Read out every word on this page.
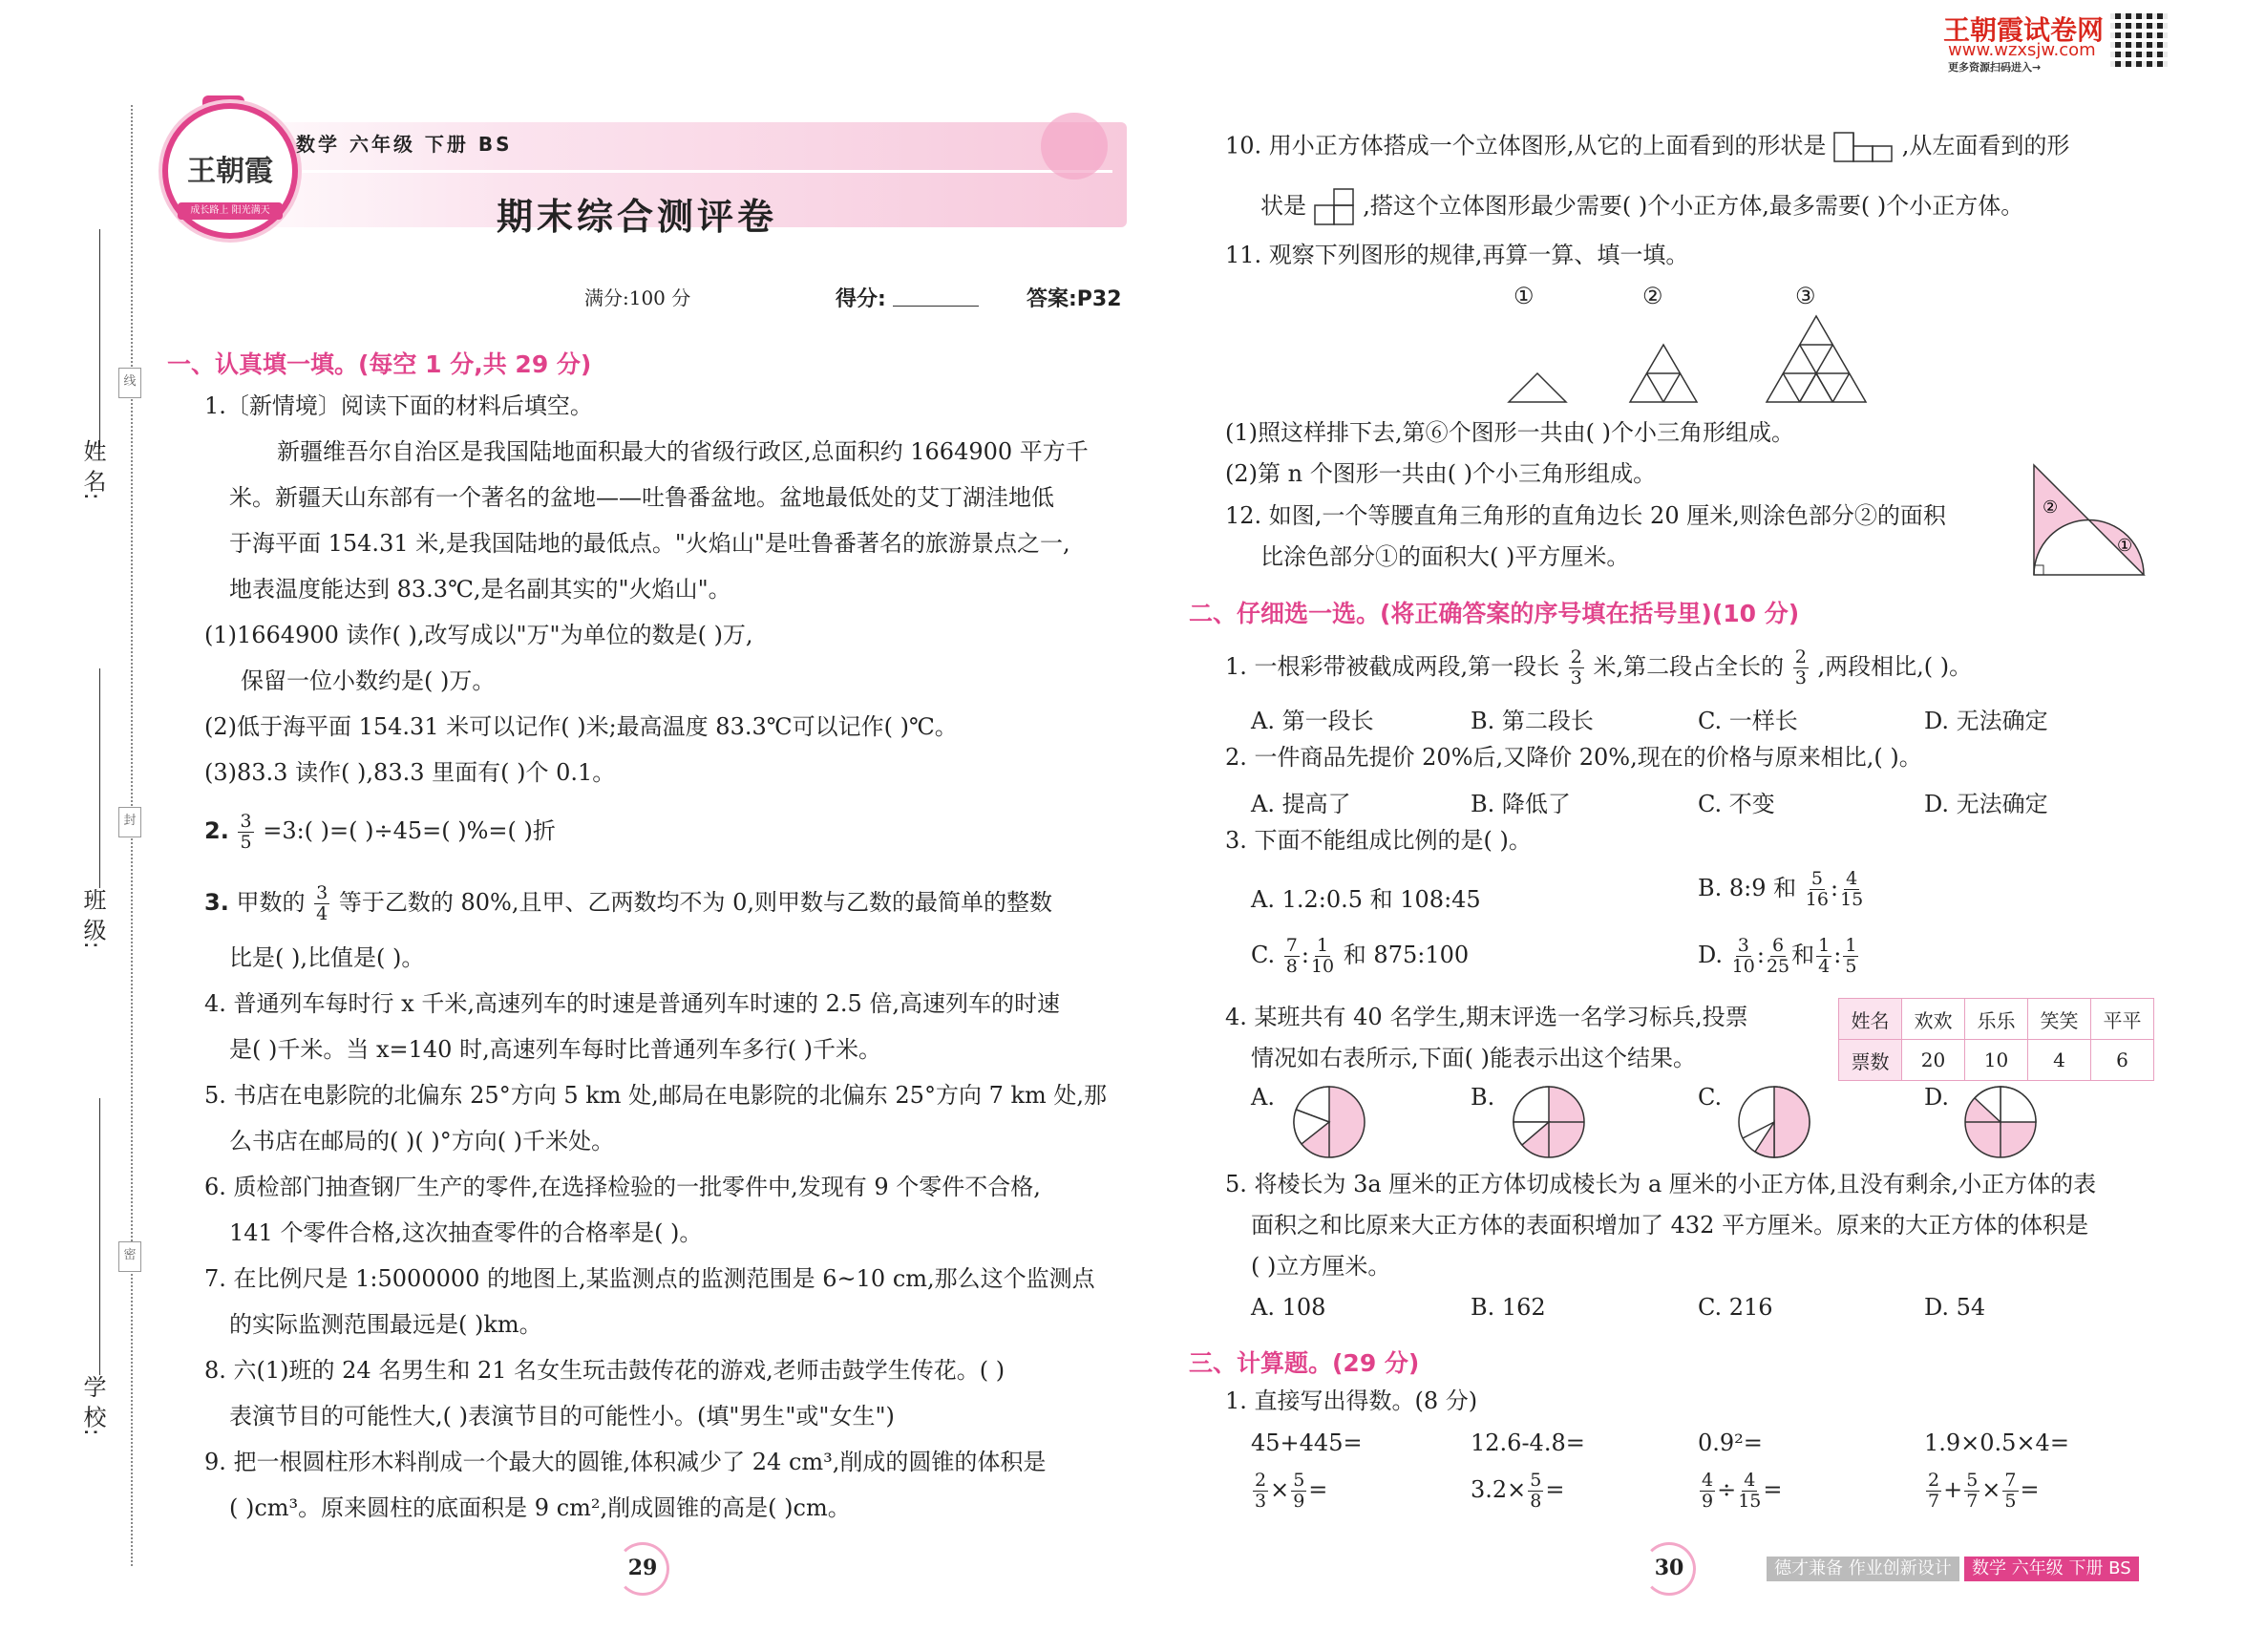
王朝霞试卷网
www.wzxsjw.com
更多资源扫码进入→
姓 名:
班 级:
学 校:
线
封
密
王朝霞
成长路上 阳光满天
数学 六年级 下册 BS
期末综合测评卷
满分:100 分	得分:	答案:P32
一、认真填一填。(每空 1 分,共 29 分)
1.〔新情境〕阅读下面的材料后填空。
新疆维吾尔自治区是我国陆地面积最大的省级行政区,总面积约 1664900 平方千
米。新疆天山东部有一个著名的盆地——吐鲁番盆地。盆地最低处的艾丁湖洼地低
于海平面 154.31 米,是我国陆地的最低点。"火焰山"是吐鲁番著名的旅游景点之一,
地表温度能达到 83.3℃,是名副其实的"火焰山"。
(1)1664900 读作( ),改写成以"万"为单位的数是( )万,
保留一位小数约是( )万。
(2)低于海平面 154.31 米可以记作( )米;最高温度 83.3℃可以记作( )℃。
(3)83.3 读作( ),83.3 里面有( )个 0.1。
2. $\frac{3}{5}$ =3:( )=( )÷45=( )%=( )折
3. 甲数的 $\frac{3}{4}$ 等于乙数的 80%,且甲、乙两数均不为 0,则甲数与乙数的最简单的整数
比是( ),比值是( )。
4. 普通列车每时行 x 千米,高速列车的时速是普通列车时速的 2.5 倍,高速列车的时速
是( )千米。当 x=140 时,高速列车每时比普通列车多行( )千米。
5. 书店在电影院的北偏东 25°方向 5 km 处,邮局在电影院的北偏东 25°方向 7 km 处,那
么书店在邮局的( )( )°方向( )千米处。
6. 质检部门抽查钢厂生产的零件,在选择检验的一批零件中,发现有 9 个零件不合格,
141 个零件合格,这次抽查零件的合格率是( )。
7. 在比例尺是 1:5000000 的地图上,某监测点的监测范围是 6~10 cm,那么这个监测点
的实际监测范围最远是( )km。
8. 六(1)班的 24 名男生和 21 名女生玩击鼓传花的游戏,老师击鼓学生传花。( )
表演节目的可能性大,( )表演节目的可能性小。(填"男生"或"女生")
9. 把一根圆柱形木料削成一个最大的圆锥,体积减少了 24 cm³,削成的圆锥的体积是
( )cm³。原来圆柱的底面积是 9 cm²,削成圆锥的高是( )cm。
29
10. 用小正方体搭成一个立体图形,从它的上面看到的形状是	,从左面看到的形
状是 ,搭这个立体图形最少需要( )个小正方体,最多需要( )个小正方体。
11. 观察下列图形的规律,再算一算、填一填。
①	②	③
(1)照这样排下去,第⑥个图形一共由( )个小三角形组成。
(2)第 n 个图形一共由( )个小三角形组成。
12. 如图,一个等腰直角三角形的直角边长 20 厘米,则涂色部分②的面积
比涂色部分①的面积大( )平方厘米。
②
①
二、仔细选一选。(将正确答案的序号填在括号里)(10 分)
1. 一根彩带被截成两段,第一段长 $\frac{2}{3}$ 米,第二段占全长的 $\frac{2}{3}$ ,两段相比,( )。
A. 第一段长	B. 第二段长	C. 一样长	D. 无法确定
2. 一件商品先提价 20%后,又降价 20%,现在的价格与原来相比,( )。
A. 提高了	B. 降低了	C. 不变	D. 无法确定
3. 下面不能组成比例的是( )。
A. 1.2:0.5 和 108:45	B. 8:9 和 $\frac{5}{16}$ : $\frac{4}{15}$
C. $\frac{7}{8}$ : $\frac{1}{10}$ 和 875:100	D. $\frac{3}{10}$ : $\frac{6}{25}$ 和 $\frac{1}{4}$ : $\frac{1}{5}$
4. 某班共有 40 名学生,期末评选一名学习标兵,投票
情况如右表所示,下面( )能表示出这个结果。
姓名	欢欢	乐乐	笑笑	平平
票数	20	10	4	6
A.	B.	C.	D.
5. 将棱长为 3a 厘米的正方体切成棱长为 a 厘米的小正方体,且没有剩余,小正方体的表
面积之和比原来大正方体的表面积增加了 432 平方厘米。原来的大正方体的体积是
( )立方厘米。
A. 108	B. 162	C. 216	D. 54
三、计算题。(29 分)
1. 直接写出得数。(8 分)
45+445=	12.6-4.8=	0.9²=	1.9×0.5×4=
$\frac{2}{3} \times \frac{5}{9}$ =	$3.2\times \frac{5}{8}$ =	$\frac{4}{9} \div \frac{4}{15}$ =	$\frac{2}{7} + \frac{5}{7} \times \frac{7}{5}$ =
30	德才兼备 作业创新设计	数学 六年级 下册 BS
